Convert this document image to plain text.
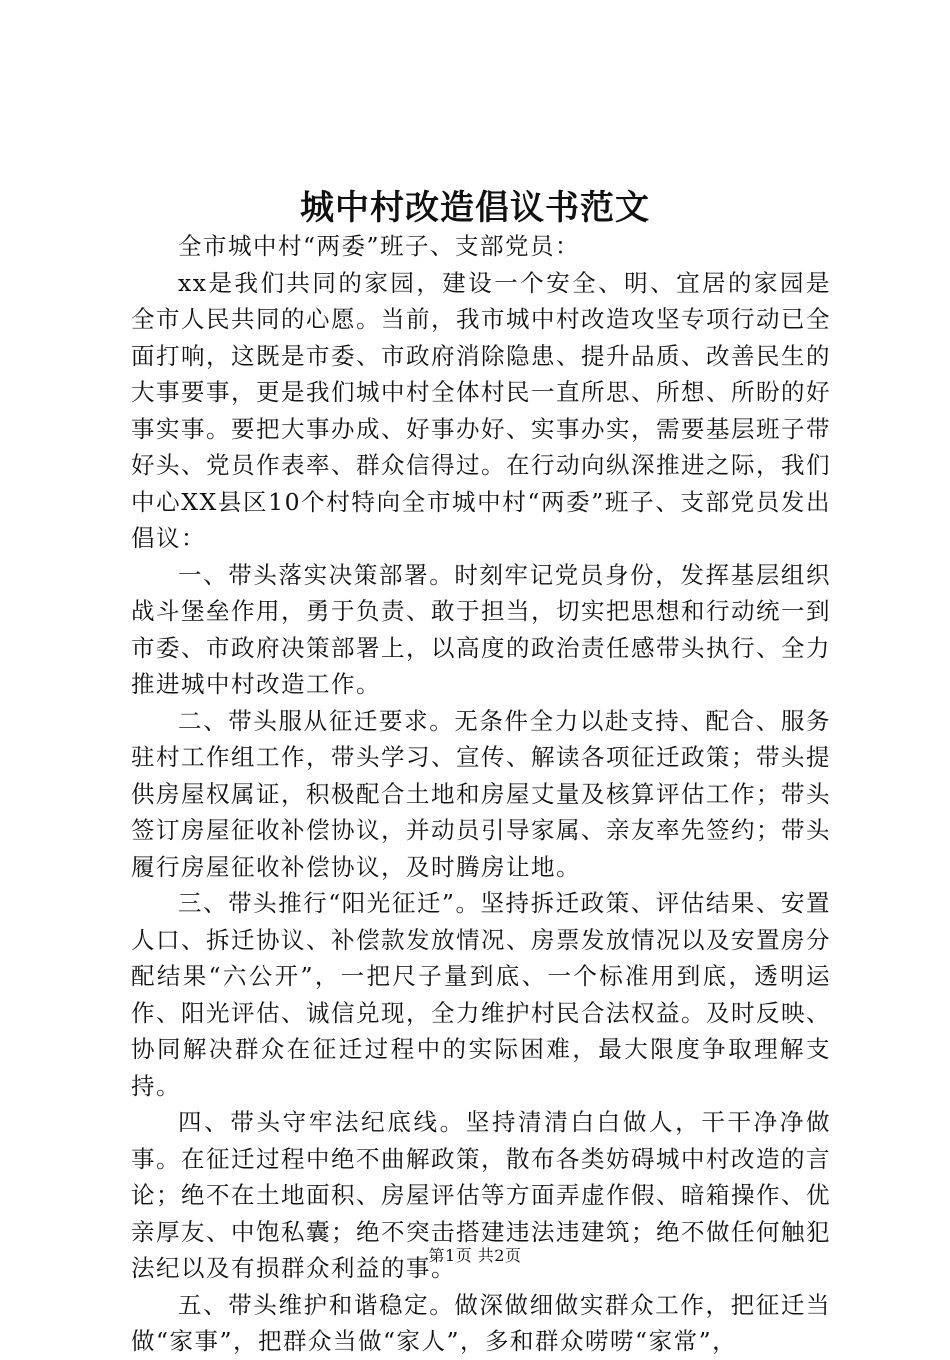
城中村改造倡议书范文

全市城中村“两委”班子、支部党员：

xx是我们共同的家园，建设一个安全、明、宜居的家园是全市人民共同的心愿。当前，我市城中村改造攻坚专项行动已全面打响，这既是市委、市政府消除隐患、提升品质、改善民生的大事要事，更是我们城中村全体村民一直所思、所想、所盼的好事实事。要把大事办成、好事办好、实事办实，需要基层班子带好头、党员作表率、群众信得过。在行动向纵深推进之际，我们中心XX县区10个村特向全市城中村“两委”班子、支部党员发出倡议：

一、带头落实决策部署。时刻牢记党员身份，发挥基层组织战斗堡垒作用，勇于负责、敢于担当，切实把思想和行动统一到市委、市政府决策部署上，以高度的政治责任感带头执行、全力推进城中村改造工作。

二、带头服从征迁要求。无条件全力以赴支持、配合、服务驻村工作组工作，带头学习、宣传、解读各项征迁政策；带头提供房屋权属证，积极配合土地和房屋丈量及核算评估工作；带头签订房屋征收补偿协议，并动员引导家属、亲友率先签约；带头履行房屋征收补偿协议，及时腾房让地。

三、带头推行“阳光征迁”。坚持拆迁政策、评估结果、安置人口、拆迁协议、补偿款发放情况、房票发放情况以及安置房分配结果“六公开”，一把尺子量到底、一个标准用到底，透明运作、阳光评估、诚信兑现，全力维护村民合法权益。及时反映、协同解决群众在征迁过程中的实际困难，最大限度争取理解支持。

四、带头守牢法纪底线。坚持清清白白做人，干干净净做事。在征迁过程中绝不曲解政策，散布各类妨碍城中村改造的言论；绝不在土地面积、房屋评估等方面弄虚作假、暗箱操作、优亲厚友、中饱私囊；绝不突击搭建违法违建筑；绝不做任何触犯法纪以及有损群众利益的事。

五、带头维护和谐稳定。做深做细做实群众工作，把征迁当做“家事”，把群众当做“家人”，多和群众唠唠“家常”，

第1页 共2页
